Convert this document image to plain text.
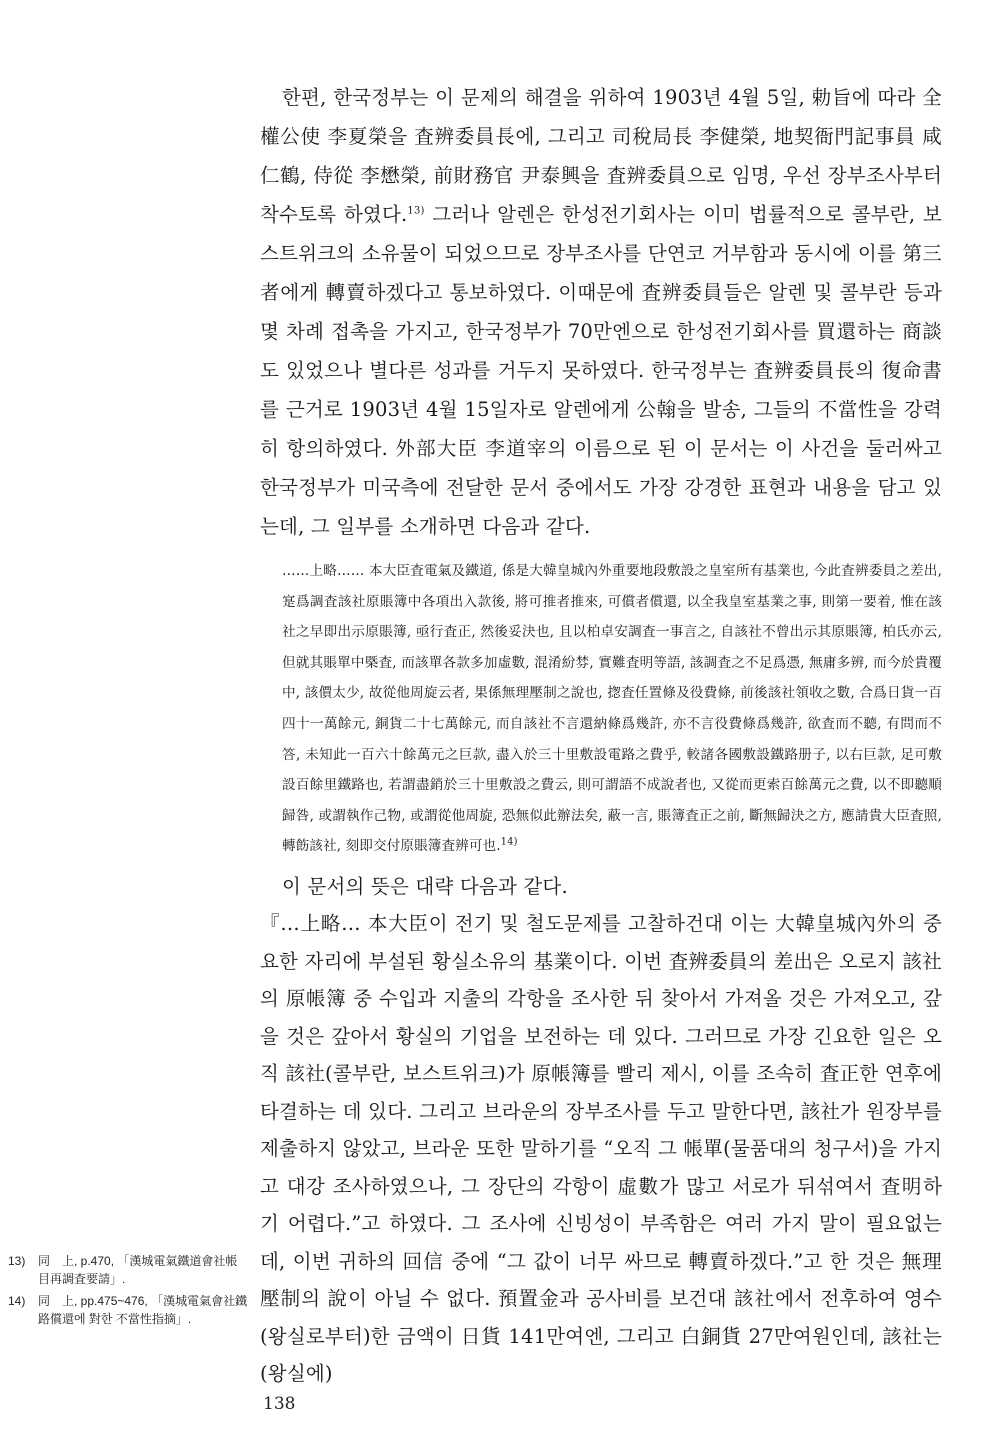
한편, 한국정부는 이 문제의 해결을 위하여 1903년 4월 5일, 勅旨에 따라 全權公使 李夏榮을 査辨委員長에, 그리고 司稅局長 李健榮, 地契衙門記事員 咸仁鶴, 侍從 李懋榮, 前財務官 尹泰興을 査辨委員으로 임명, 우선 장부조사부터 착수토록 하였다.$^{13)}$ 그러나 알렌은 한성전기회사는 이미 법률적으로 콜부란, 보스트위크의 소유물이 되었으므로 장부조사를 단연코 거부함과 동시에 이를 第三者에게 轉賣하겠다고 통보하였다. 이때문에 査辨委員들은 알렌 및 콜부란 등과 몇 차례 접촉을 가지고, 한국정부가 70만엔으로 한성전기회사를 買還하는 商談도 있었으나 별다른 성과를 거두지 못하였다. 한국정부는 査辨委員長의 復命書를 근거로 1903년 4월 15일자로 알렌에게 公翰을 발송, 그들의 不當性을 강력히 항의하였다. 外部大臣 李道宰의 이름으로 된 이 문서는 이 사건을 둘러싸고 한국정부가 미국측에 전달한 문서 중에서도 가장 강경한 표현과 내용을 담고 있는데, 그 일부를 소개하면 다음과 같다.

……上略…… 本大臣査電氣及鐵道, 係是大韓皇城內外重要地段敷設之皇室所有基業也, 今此査辨委員之差出, 寔爲調査該社原賬簿中各項出入款後, 將可推者推來, 可償者償還, 以全我皇室基業之事, 則第一要着, 惟在該社之早即出示原賬簿, 亟行査正, 然後妥決也, 且以柏卓安調査一事言之, 自該社不曾出示其原賬簿, 柏氏亦云, 但就其賬單中槩査, 而該單各款多加虛數, 混淆紛棼, 實難査明等語, 該調査之不足爲憑, 無庸多辨, 而今於貴覆中, 該價太少, 故從他周旋云者, 果係無理壓制之說也, 揔査任置條及役費條, 前後該社領收之數, 合爲日貨一百四十一萬餘元, 銅貨二十七萬餘元, 而自該社不言還納條爲幾許, 亦不言役費條爲幾許, 欲査而不聽, 有問而不答, 未知此一百六十餘萬元之巨款, 盡入於三十里敷設電路之費乎, 較諸各國敷設鐵路册子, 以右巨款, 足可敷設百餘里鐵路也, 若謂盡銷於三十里敷設之費云, 則可謂語不成說者也, 又從而更索百餘萬元之費, 以不即聽順歸咎, 或謂執作己物, 或謂從他周旋, 恐無似此辦法矣, 蔽一言, 賬簿査正之前, 斷無歸決之方, 應請貴大臣査照, 轉飭該社, 刻即交付原賬簿査辨可也.$^{14)}$

이 문서의 뜻은 대략 다음과 같다.

『…上略… 本大臣이 전기 및 철도문제를 고찰하건대 이는 大韓皇城內外의 중요한 자리에 부설된 황실소유의 基業이다. 이번 査辨委員의 差出은 오로지 該社의 原帳簿 중 수입과 지출의 각항을 조사한 뒤 찾아서 가져올 것은 가져오고, 갚을 것은 갚아서 황실의 기업을 보전하는 데 있다. 그러므로 가장 긴요한 일은 오직 該社(콜부란, 보스트위크)가 原帳簿를 빨리 제시, 이를 조속히 査正한 연후에 타결하는 데 있다. 그리고 브라운의 장부조사를 두고 말한다면, 該社가 원장부를 제출하지 않았고, 브라운 또한 말하기를 “오직 그 帳單(물품대의 청구서)을 가지고 대강 조사하였으나, 그 장단의 각항이 虛數가 많고 서로가 뒤섞여서 査明하기 어렵다.”고 하였다. 그 조사에 신빙성이 부족함은 여러 가지 말이 필요없는데, 이번 귀하의 回信 중에 “그 값이 너무 싸므로 轉賣하겠다.”고 한 것은 無理壓制의 說이 아닐 수 없다. 預置金과 공사비를 보건대 該社에서 전후하여 영수(왕실로부터)한 금액이 日貨 141만여엔, 그리고 白銅貨 27만여원인데, 該社는 (왕실에)

13)	同　上, p.470, 「漢城電氣鐵道會社帳目再調査要請」.
14)	同　上, pp.475~476, 「漢城電氣會社鐵路償還에 對한 不當性指摘」.
138
